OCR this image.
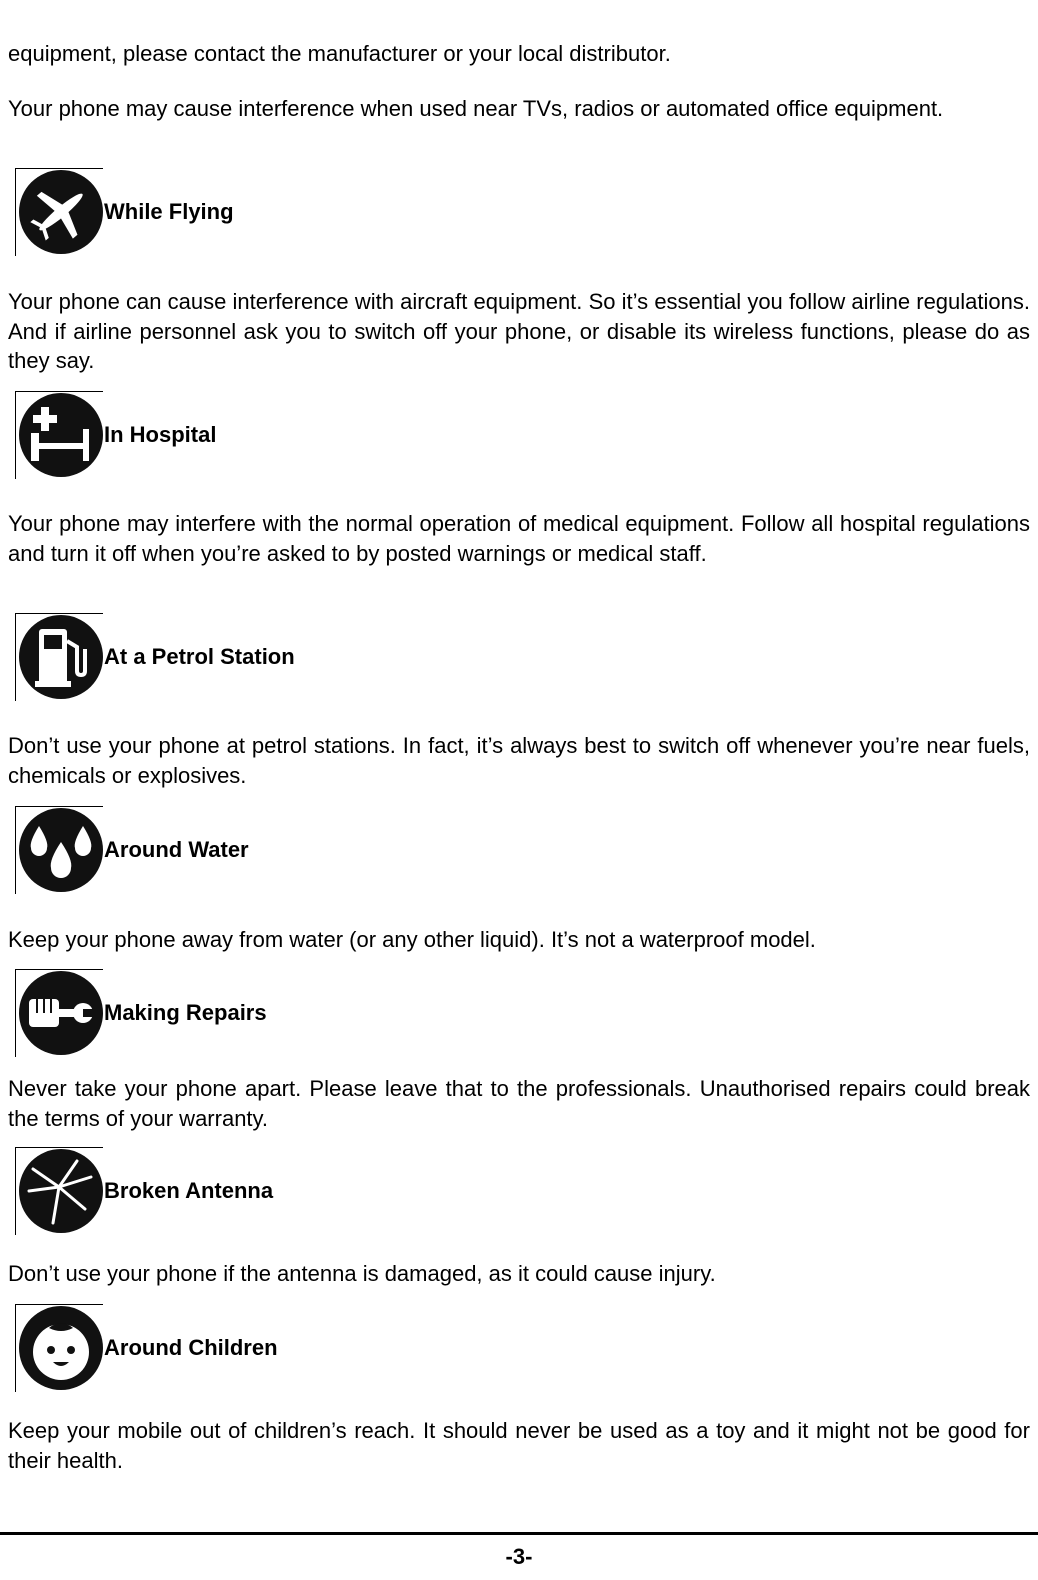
equipment, please contact the manufacturer or your local distributor.

Your phone may cause interference when used near TVs, radios or automated office equipment.

While Flying

Your phone can cause interference with aircraft equipment. So it’s essential you follow airline regulations. And if airline personnel ask you to switch off your phone, or disable its wireless functions, please do as they say.

In Hospital

Your phone may interfere with the normal operation of medical equipment. Follow all hospital regulations and turn it off when you’re asked to by posted warnings or medical staff.

At a Petrol Station

Don’t use your phone at petrol stations. In fact, it’s always best to switch off whenever you’re near fuels, chemicals or explosives.

Around Water

Keep your phone away from water (or any other liquid). It’s not a waterproof model.

Making Repairs

Never take your phone apart. Please leave that to the professionals. Unauthorised repairs could break the terms of your warranty.

Broken Antenna

Don’t use your phone if the antenna is damaged, as it could cause injury.

Around Children

Keep your mobile out of children’s reach. It should never be used as a toy and it might not be good for their health.

-3-
